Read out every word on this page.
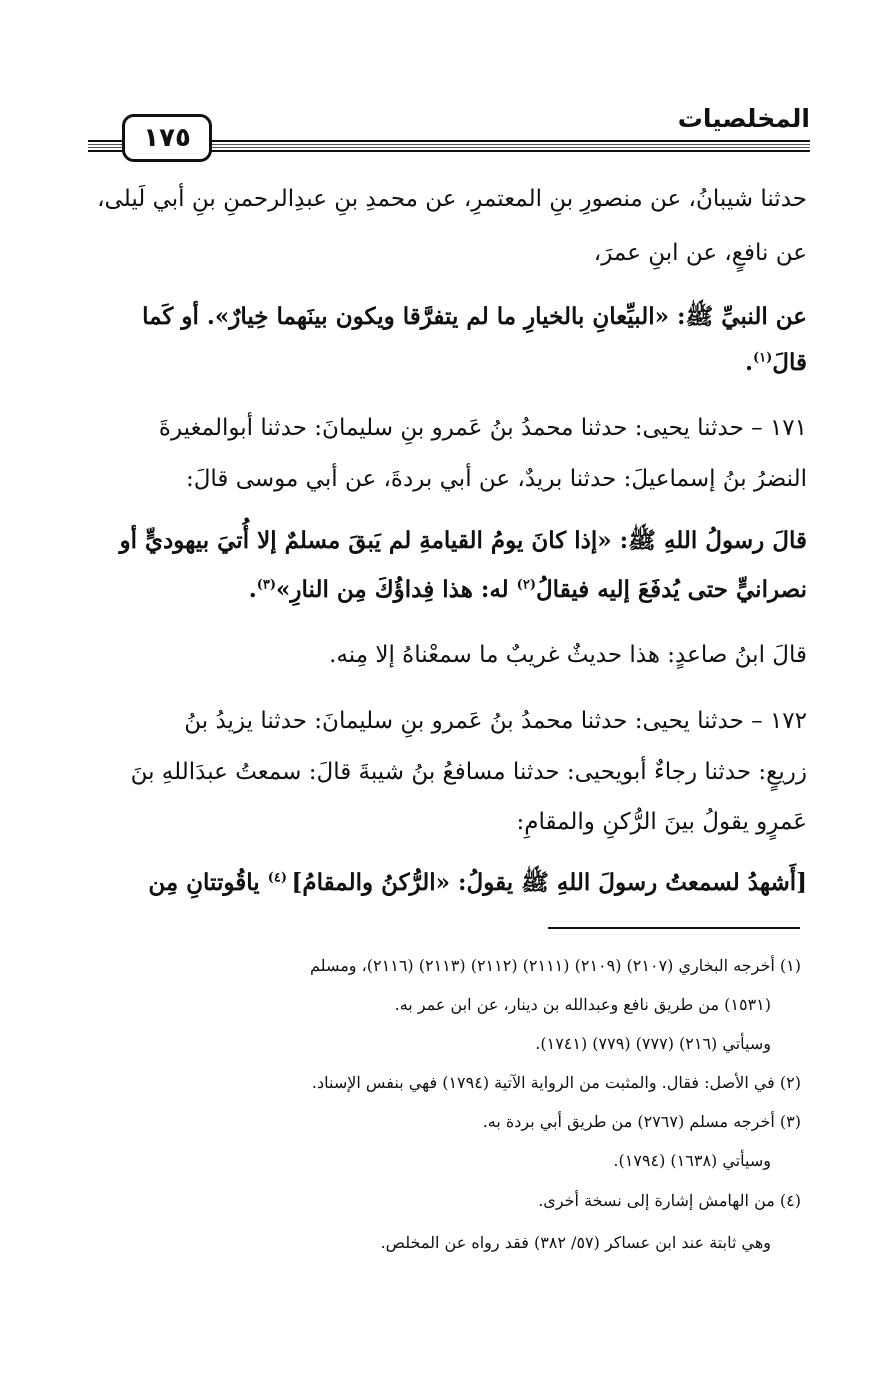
المخلصيات
١٧٥
حدثنا شيبانُ، عن منصورِ بنِ المعتمرِ، عن محمدِ بنِ عبدِالرحمنِ بنِ أبي لَيلى،
عن نافعٍ، عن ابنِ عمرَ،
عن النبيِّ ﷺ: «البيِّعانِ بالخيارِ ما لم يتفرَّقا ويكون بينَهما خِيارٌ». أو كَما
قالَ$^{(١)}$.
١٧١ – حدثنا يحيى: حدثنا محمدُ بنُ عَمرو بنِ سليمانَ: حدثنا أبوالمغيرةَ
النضرُ بنُ إسماعيلَ: حدثنا بريدٌ، عن أبي بردةَ، عن أبي موسى قالَ:
قالَ رسولُ اللهِ ﷺ: «إذا كانَ يومُ القيامةِ لم يَبقَ مسلمٌ إلا أُتيَ بيهوديٍّ أو
نصرانيٍّ حتى يُدفَعَ إليه فيقالُ$^{(٢)}$ له: هذا فِداؤُكَ مِن النارِ»$^{(٣)}$.
قالَ ابنُ صاعدٍ: هذا حديثٌ غريبٌ ما سمعْناهُ إلا مِنه.
١٧٢ – حدثنا يحيى: حدثنا محمدُ بنُ عَمرو بنِ سليمانَ: حدثنا يزيدُ بنُ
زريعٍ: حدثنا رجاءٌ أبويحيى: حدثنا مسافعُ بنُ شيبةَ قالَ: سمعتُ عبدَاللهِ بنَ
عَمرٍو يقولُ بينَ الرُّكنِ والمقامِ:
[أَشهدُ لسمعتُ رسولَ اللهِ ﷺ يقولُ: «الرُّكنُ والمقامُ] $^{(٤)}$ ياقُوتتانِ مِن
(١) أخرجه البخاري (٢١٠٧) (٢١٠٩) (٢١١١) (٢١١٢) (٢١١٣) (٢١١٦)، ومسلم
(١٥٣١) من طريق نافع وعبدالله بن دينار، عن ابن عمر به.
وسيأتي (٢١٦) (٧٧٧) (٧٧٩) (١٧٤١).
(٢) في الأصل: فقال. والمثبت من الرواية الآتية (١٧٩٤) فهي بنفس الإسناد.
(٣) أخرجه مسلم (٢٧٦٧) من طريق أبي بردة به.
وسيأتي (١٦٣٨) (١٧٩٤).
(٤) من الهامش إشارة إلى نسخة أخرى.
وهي ثابتة عند ابن عساكر (٥٧/ ٣٨٢) فقد رواه عن المخلص.
